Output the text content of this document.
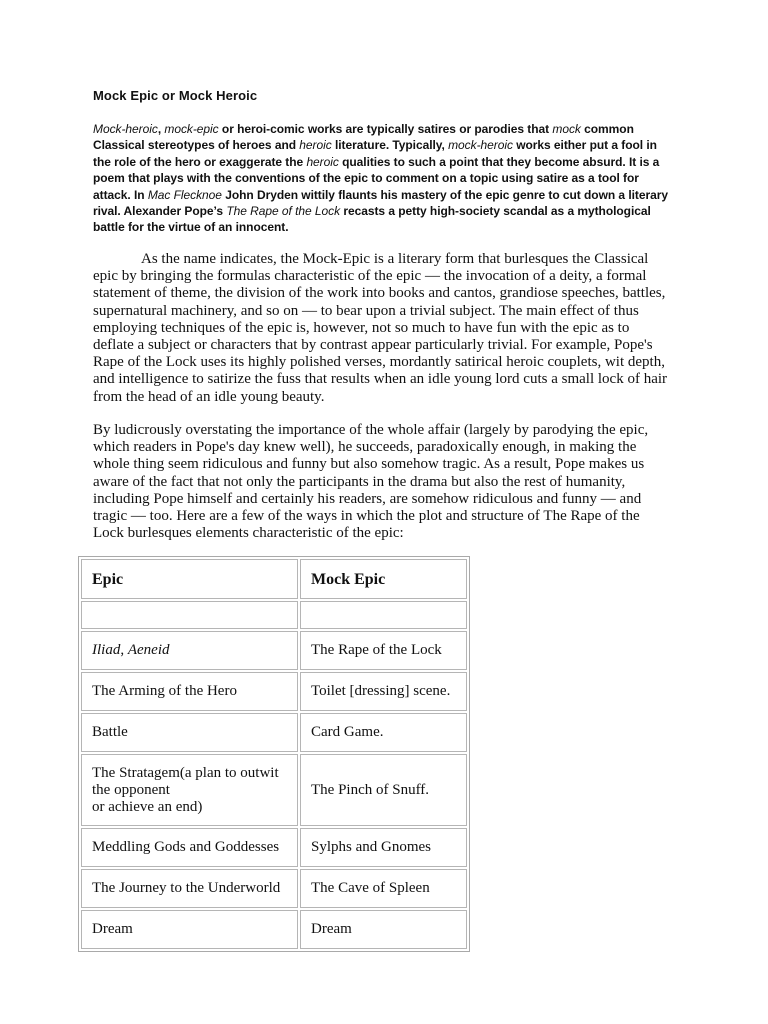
Mock Epic or Mock Heroic
Mock-heroic, mock-epic or heroi-comic works are typically satires or parodies that mock common Classical stereotypes of heroes and heroic literature. Typically, mock-heroic works either put a fool in the role of the hero or exaggerate the heroic qualities to such a point that they become absurd. It is a poem that plays with the conventions of the epic to comment on a topic using satire as a tool for attack. In Mac Flecknoe John Dryden wittily flaunts his mastery of the epic genre to cut down a literary rival. Alexander Pope’s The Rape of the Lock recasts a petty high-society scandal as a mythological battle for the virtue of an innocent.
As the name indicates, the Mock-Epic is a literary form that burlesques the Classical epic by bringing the formulas characteristic of the epic — the invocation of a deity, a formal statement of theme, the division of the work into books and cantos, grandiose speeches, battles, supernatural machinery, and so on — to bear upon a trivial subject. The main effect of thus employing techniques of the epic is, however, not so much to have fun with the epic as to deflate a subject or characters that by contrast appear particularly trivial. For example, Pope's Rape of the Lock uses its highly polished verses, mordantly satirical heroic couplets, wit depth, and intelligence to satirize the fuss that results when an idle young lord cuts a small lock of hair from the head of an idle young beauty.
By ludicrously overstating the importance of the whole affair (largely by parodying the epic, which readers in Pope's day knew well), he succeeds, paradoxically enough, in making the whole thing seem ridiculous and funny but also somehow tragic. As a result, Pope makes us aware of the fact that not only the participants in the drama but also the rest of humanity, including Pope himself and certainly his readers, are somehow ridiculous and funny — and tragic — too. Here are a few of the ways in which the plot and structure of The Rape of the Lock burlesques elements characteristic of the epic:
Epic	Mock Epic

Iliad, Aeneid	The Rape of the Lock
The Arming of the Hero	Toilet [dressing] scene.
Battle	Card Game.
The Stratagem(a plan to outwit
the opponent
or achieve an end)	The Pinch of Snuff.
Meddling Gods and Goddesses	Sylphs and Gnomes
The Journey to the Underworld	The Cave of Spleen
Dream	Dream
